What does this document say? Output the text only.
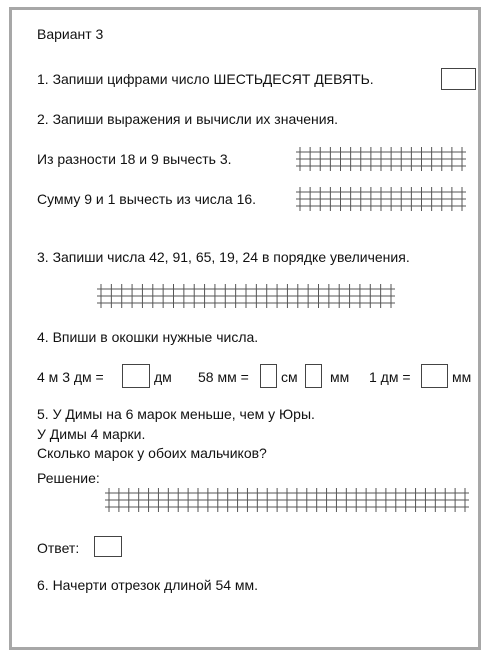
Вариант 3
1. Запиши цифрами число ШЕСТЬДЕСЯТ ДЕВЯТЬ.
2. Запиши выражения и вычисли их значения.
Из разности 18 и 9 вычесть 3.
Сумму 9 и 1 вычесть из числа 16.
3. Запиши числа 42, 91, 65, 19, 24 в порядке увеличения.
4. Впиши в окошки нужные числа.
4 м 3 дм =	дм 58 мм = см мм 1 дм =	мм
5. У Димы на 6 марок меньше, чем у Юры.
У Димы 4 марки.
Сколько марок у обоих мальчиков?
Решение:
Ответ:
6. Начерти отрезок длиной 54 мм.
